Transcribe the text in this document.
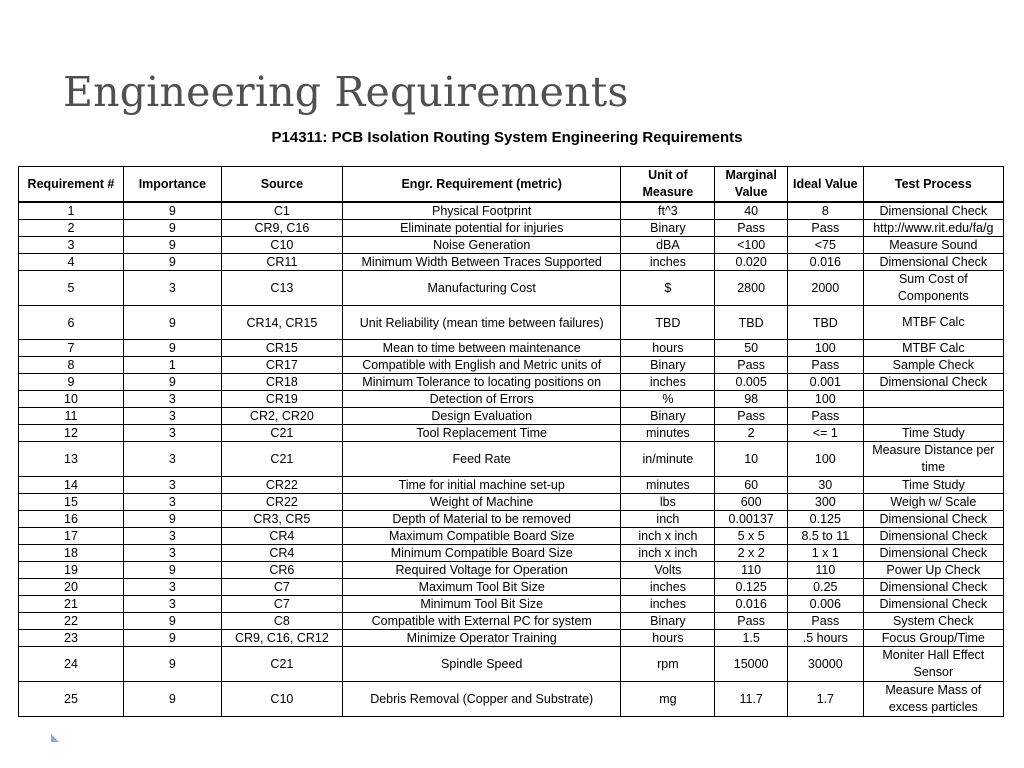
Engineering Requirements
P14311: PCB Isolation Routing System Engineering Requirements
Requirement #	Importance	Source	Engr. Requirement (metric)	Unit of Measure	Marginal Value	Ideal Value	Test Process
1	9	C1	Physical Footprint	ft^3	40	8	Dimensional Check
2	9	CR9, C16	Eliminate potential for injuries	Binary	Pass	Pass	http://www.rit.edu/fa/g
3	9	C10	Noise Generation	dBA	<100	<75	Measure Sound
4	9	CR11	Minimum Width Between Traces Supported	inches	0.020	0.016	Dimensional Check
5	3	C13	Manufacturing Cost	$	2800	2000	Sum Cost of Components
6	9	CR14, CR15	Unit Reliability (mean time between failures)	TBD	TBD	TBD	MTBF Calc
7	9	CR15	Mean to time between maintenance	hours	50	100	MTBF Calc
8	1	CR17	Compatible with English and Metric units of	Binary	Pass	Pass	Sample Check
9	9	CR18	Minimum Tolerance to locating positions on	inches	0.005	0.001	Dimensional Check
10	3	CR19	Detection of Errors	%	98	100	
11	3	CR2, CR20	Design Evaluation	Binary	Pass	Pass	
12	3	C21	Tool Replacement Time	minutes	2	<= 1	Time Study
13	3	C21	Feed Rate	in/minute	10	100	Measure Distance per time
14	3	CR22	Time for initial machine set-up	minutes	60	30	Time Study
15	3	CR22	Weight of Machine	lbs	600	300	Weigh w/ Scale
16	9	CR3, CR5	Depth of Material to be removed	inch	0.00137	0.125	Dimensional Check
17	3	CR4	Maximum Compatible Board Size	inch x inch	5 x 5	8.5 to 11	Dimensional Check
18	3	CR4	Minimum Compatible Board Size	inch x inch	2 x 2	1 x 1	Dimensional Check
19	9	CR6	Required Voltage for Operation	Volts	110	110	Power Up Check
20	3	C7	Maximum Tool Bit Size	inches	0.125	0.25	Dimensional Check
21	3	C7	Minimum Tool Bit Size	inches	0.016	0.006	Dimensional Check
22	9	C8	Compatible with External PC for system	Binary	Pass	Pass	System Check
23	9	CR9, C16, CR12	Minimize Operator Training	hours	1.5	.5 hours	Focus Group/Time
24	9	C21	Spindle Speed	rpm	15000	30000	Moniter Hall Effect Sensor
25	9	C10	Debris Removal (Copper and Substrate)	mg	11.7	1.7	Measure Mass of excess particles
